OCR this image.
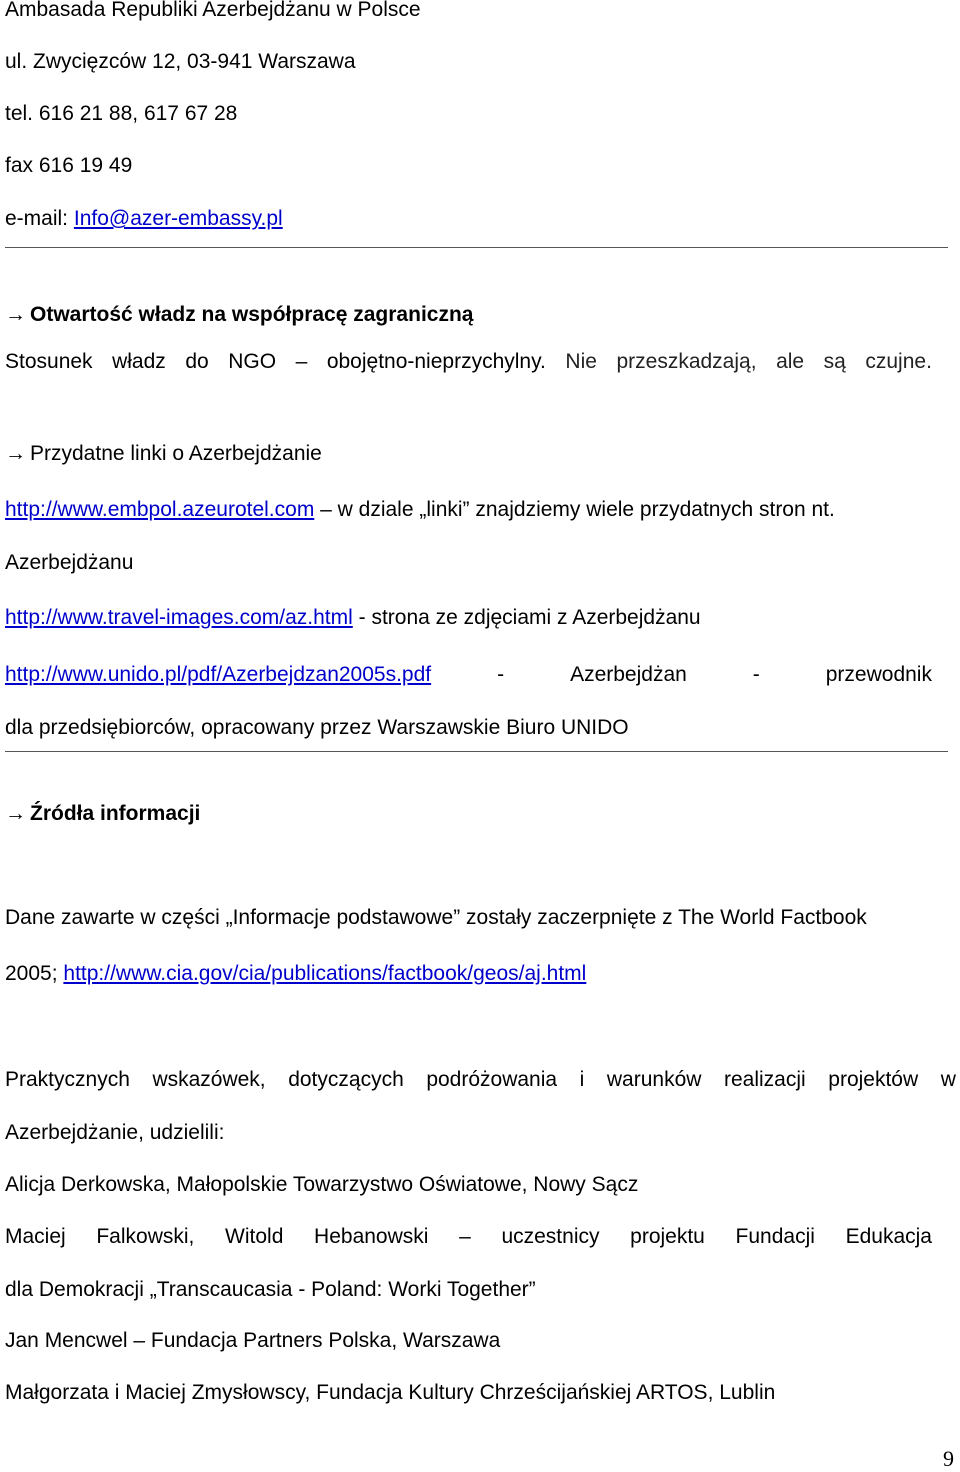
Ambasada Republiki Azerbejdżanu w Polsce
ul. Zwycięzców 12, 03-941 Warszawa
tel. 616 21 88, 617 67 28
fax 616 19 49
e-mail: Info@azer-embassy.pl
→ Otwartość władz na współpracę zagraniczną
Stosunek władz do NGO – obojętno-nieprzychylny. Nie przeszkadzają, ale są czujne.
→ Przydatne linki o Azerbejdżanie
http://www.embpol.azeurotel.com – w dziale „linki” znajdziemy wiele przydatnych stron nt.
Azerbejdżanu
http://www.travel-images.com/az.html - strona ze zdjęciami z Azerbejdżanu
http://www.unido.pl/pdf/Azerbejdzan2005s.pdf	-	Azerbejdżan	-	przewodnik
dla przedsiębiorców, opracowany przez Warszawskie Biuro UNIDO
→ Źródła informacji
Dane zawarte w części „Informacje podstawowe” zostały zaczerpnięte z The World Factbook
2005; http://www.cia.gov/cia/publications/factbook/geos/aj.html
Praktycznych wskazówek, dotyczących podróżowania i warunków realizacji projektów w
Azerbejdżanie, udzielili:
Alicja Derkowska, Małopolskie Towarzystwo Oświatowe, Nowy Sącz
Maciej Falkowski, Witold Hebanowski – uczestnicy projektu Fundacji Edukacja
dla Demokracji „Transcaucasia - Poland: Worki Together”
Jan Mencwel – Fundacja Partners Polska, Warszawa
Małgorzata i Maciej Zmysłowscy, Fundacja Kultury Chrześcijańskiej ARTOS, Lublin
9
